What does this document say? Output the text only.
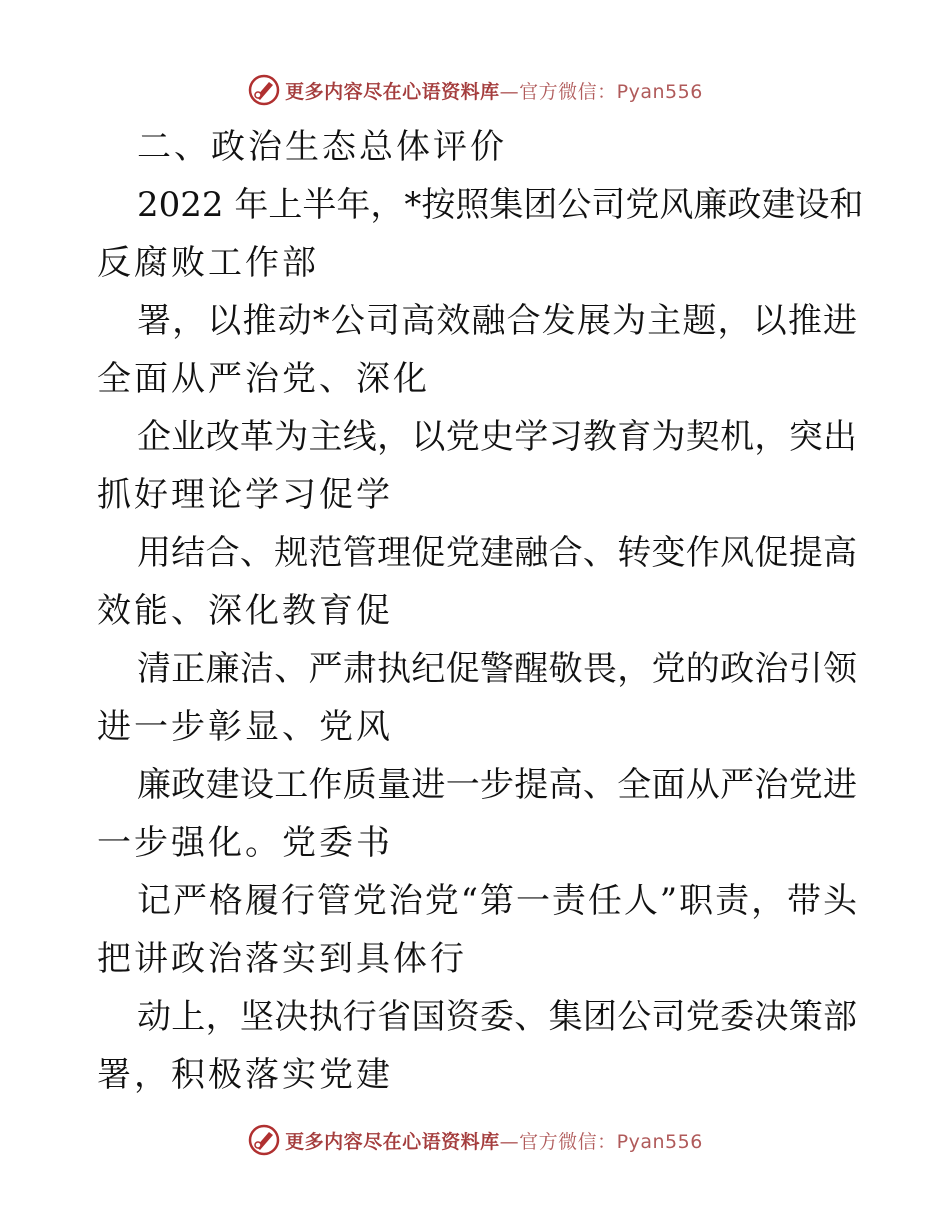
更多内容尽在心语资料库—官方微信：Pyan556
二、政治生态总体评价
2022 年上半年，*按照集团公司党风廉政建设和
反腐败工作部
署，以推动*公司高效融合发展为主题，以推进
全面从严治党、深化
企业改革为主线，以党史学习教育为契机，突出
抓好理论学习促学
用结合、规范管理促党建融合、转变作风促提高
效能、深化教育促
清正廉洁、严肃执纪促警醒敬畏，党的政治引领
进一步彰显、党风
廉政建设工作质量进一步提高、全面从严治党进
一步强化。党委书
记严格履行管党治党“第一责任人”职责，带头
把讲政治落实到具体行
动上，坚决执行省国资委、集团公司党委决策部
署，积极落实党建
更多内容尽在心语资料库—官方微信：Pyan556
